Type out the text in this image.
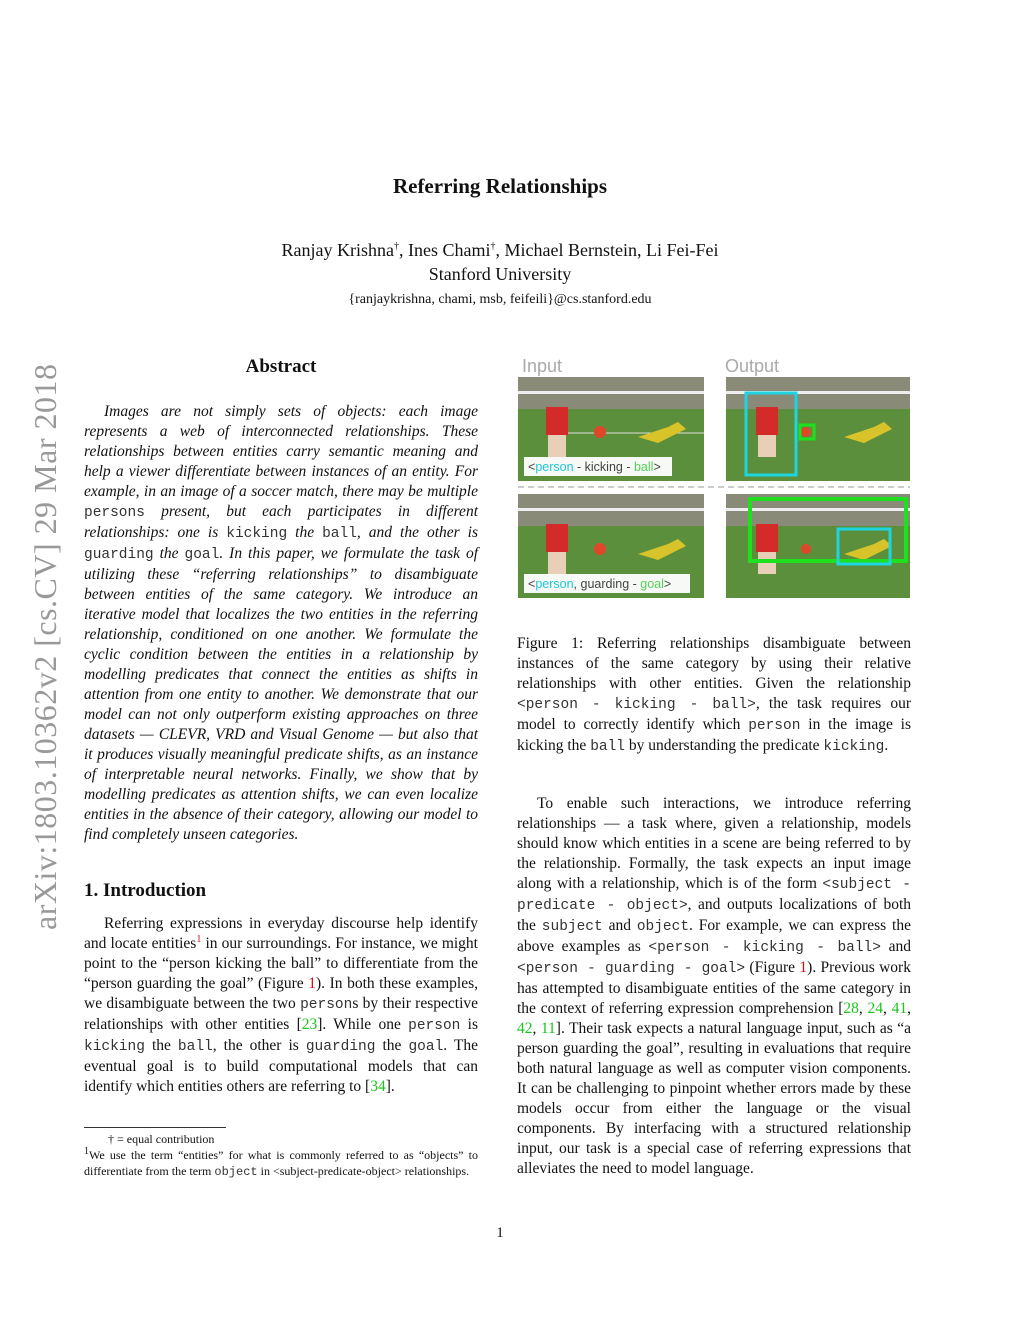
arXiv:1803.10362v2 [cs.CV] 29 Mar 2018
Referring Relationships
Ranjay Krishna†, Ines Chami†, Michael Bernstein, Li Fei-Fei
Stanford University
{ranjaykrishna, chami, msb, feifeili}@cs.stanford.edu
Abstract
Images are not simply sets of objects: each image represents a web of interconnected relationships. These relationships between entities carry semantic meaning and help a viewer differentiate between instances of an entity. For example, in an image of a soccer match, there may be multiple persons present, but each participates in different relationships: one is kicking the ball, and the other is guarding the goal. In this paper, we formulate the task of utilizing these “referring relationships” to disambiguate between entities of the same category. We introduce an iterative model that localizes the two entities in the referring relationship, conditioned on one another. We formulate the cyclic condition between the entities in a relationship by modelling predicates that connect the entities as shifts in attention from one entity to another. We demonstrate that our model can not only outperform existing approaches on three datasets — CLEVR, VRD and Visual Genome — but also that it produces visually meaningful predicate shifts, as an instance of interpretable neural networks. Finally, we show that by modelling predicates as attention shifts, we can even localize entities in the absence of their category, allowing our model to find completely unseen categories.
1. Introduction
Referring expressions in everyday discourse help identify and locate entities$^1$ in our surroundings. For instance, we might point to the “person kicking the ball” to differentiate from the “person guarding the goal” (Figure 1). In both these examples, we disambiguate between the two persons by their respective relationships with other entities [23]. While one person is kicking the ball, the other is guarding the goal. The eventual goal is to build computational models that can identify which entities others are referring to [34].
† = equal contribution
$^1$We use the term “entities” for what is commonly referred to as “objects” to differentiate from the term object in <subject-predicate-object> relationships.
Input	Output
<person - kicking - ball>
<person, guarding - goal>
Figure 1: Referring relationships disambiguate between instances of the same category by using their relative relationships with other entities. Given the relationship <person - kicking - ball>, the task requires our model to correctly identify which person in the image is kicking the ball by understanding the predicate kicking.
To enable such interactions, we introduce referring relationships — a task where, given a relationship, models should know which entities in a scene are being referred to by the relationship. Formally, the task expects an input image along with a relationship, which is of the form <subject - predicate - object>, and outputs localizations of both the subject and object. For example, we can express the above examples as <person - kicking - ball> and <person - guarding - goal> (Figure 1). Previous work has attempted to disambiguate entities of the same category in the context of referring expression comprehension [28, 24, 41, 42, 11]. Their task expects a natural language input, such as “a person guarding the goal”, resulting in evaluations that require both natural language as well as computer vision components. It can be challenging to pinpoint whether errors made by these models occur from either the language or the visual components. By interfacing with a structured relationship input, our task is a special case of referring expressions that alleviates the need to model language.
1
